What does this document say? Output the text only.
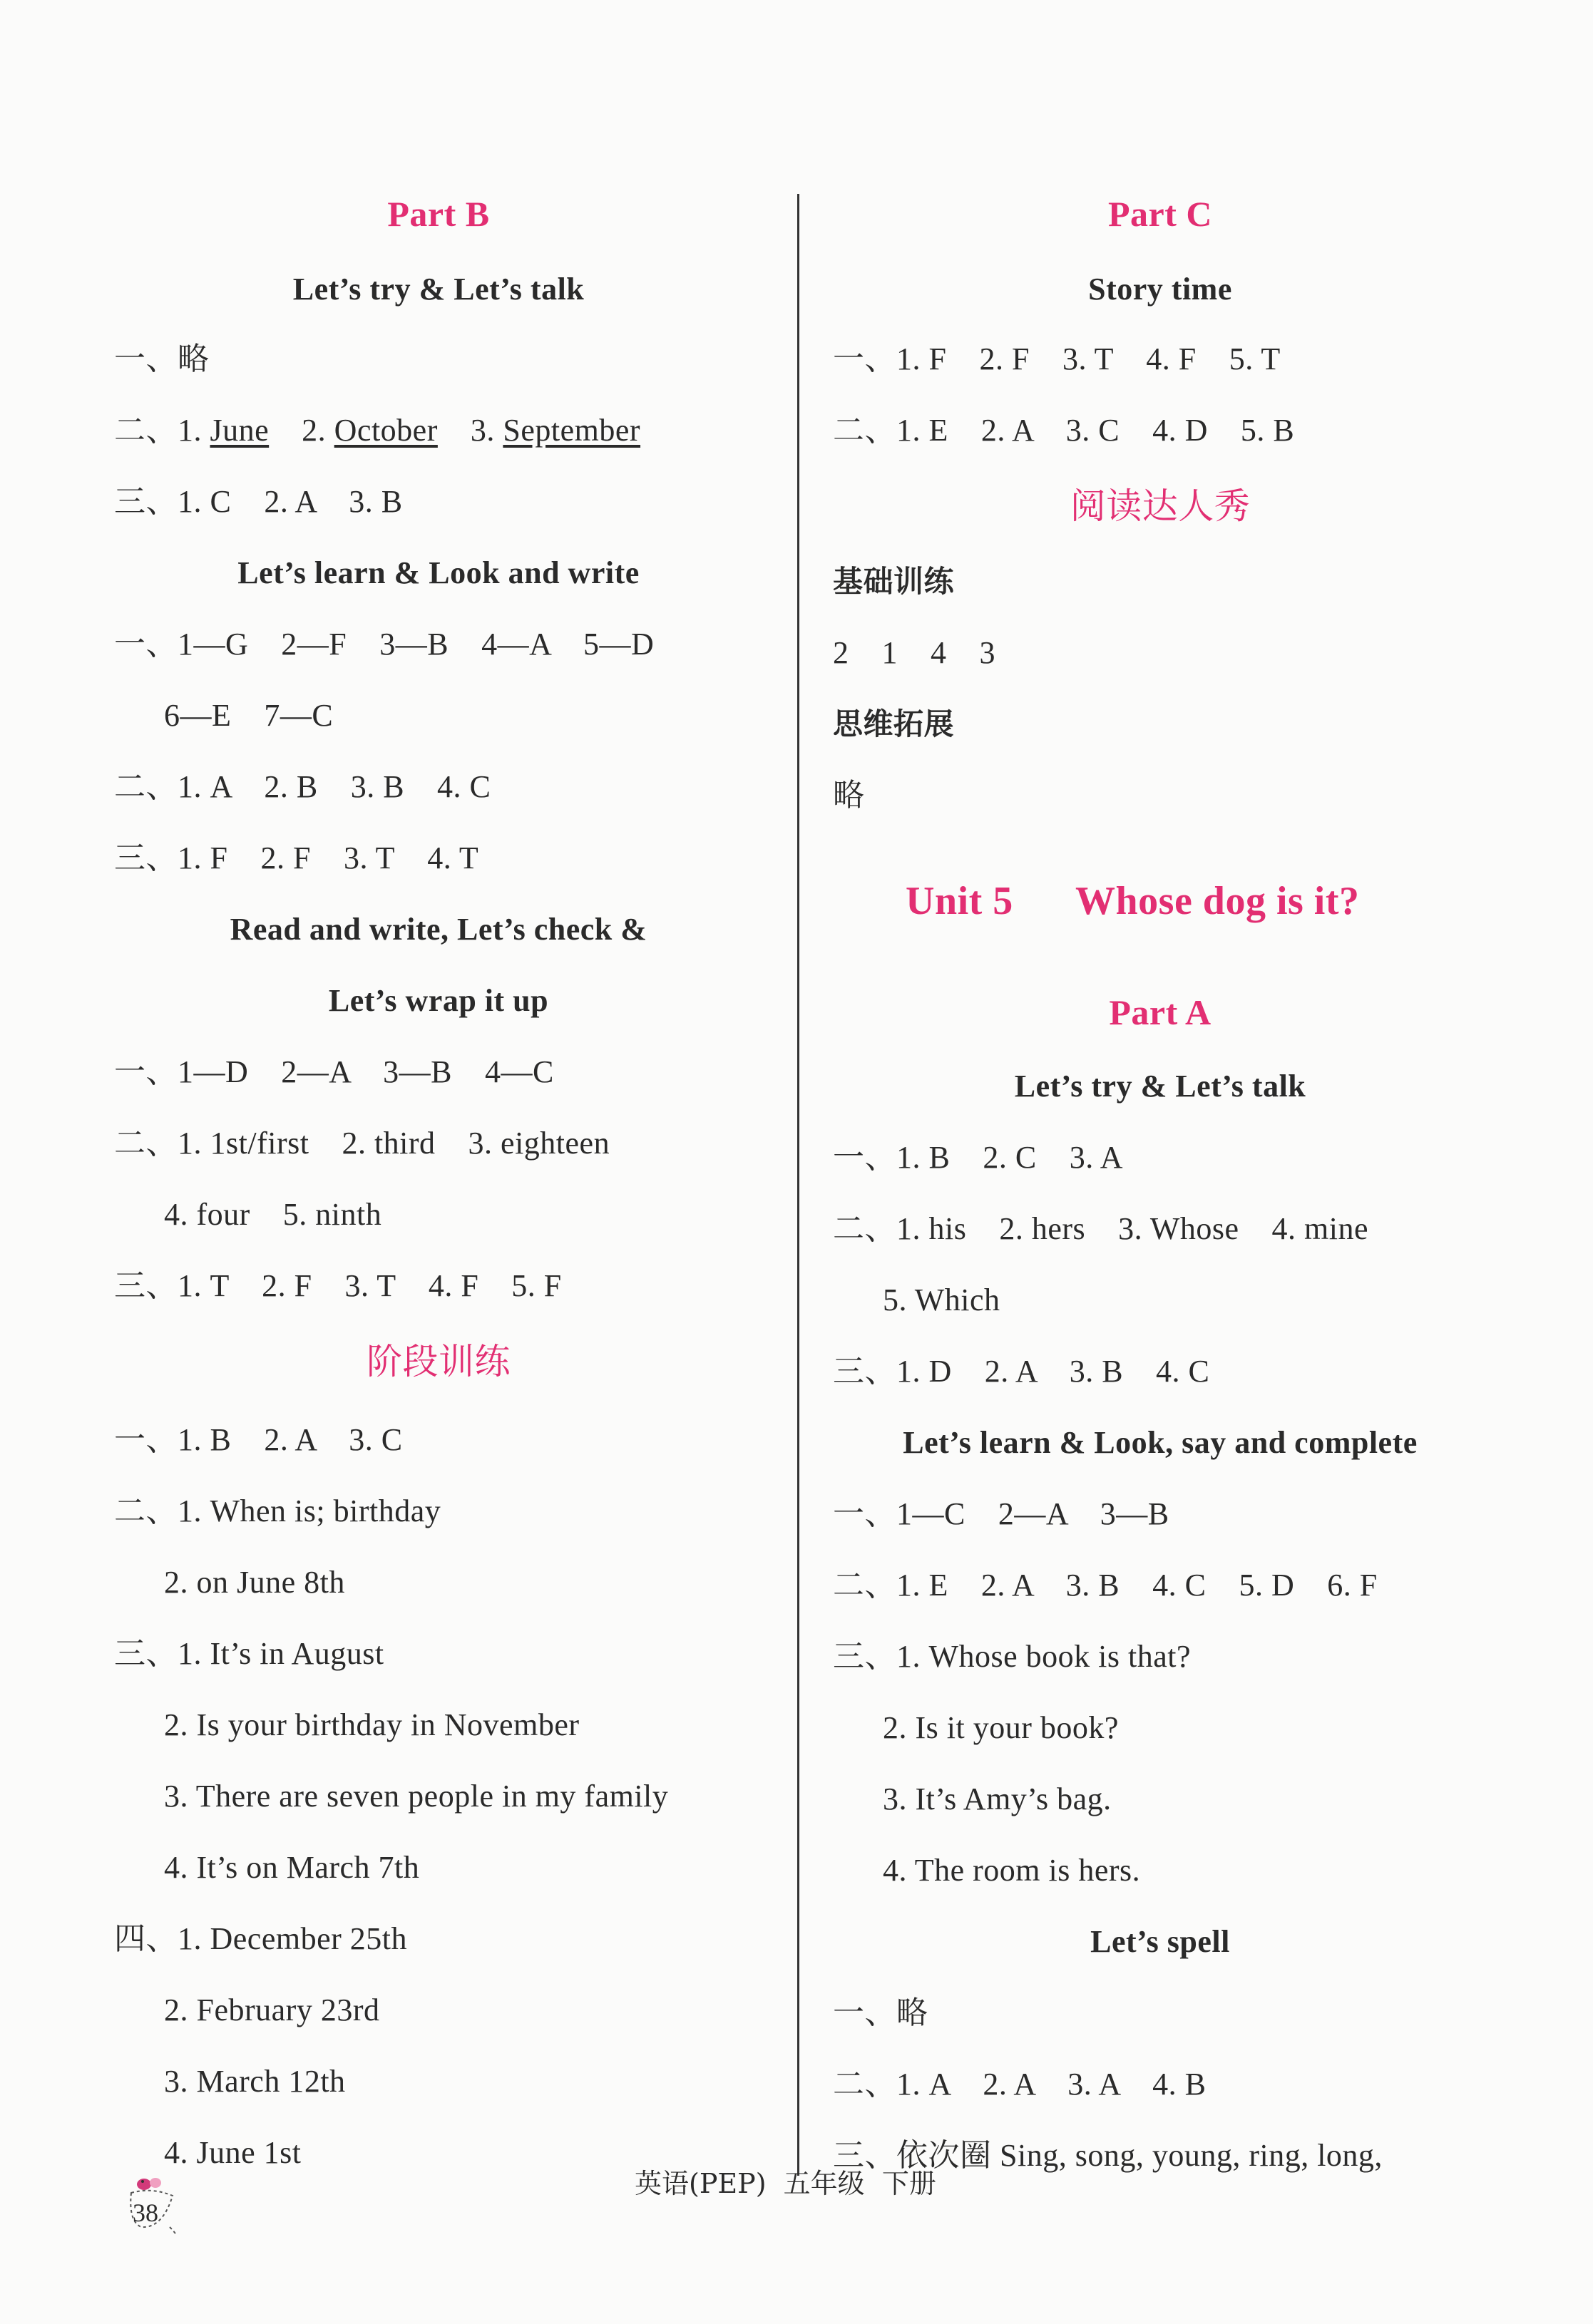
Part B
Let’s try & Let’s talk
一、略
二、1. June 2. October 3. September
三、1. C    2. A    3. B
Let’s learn & Look and write
一、1—G    2—F    3—B    4—A    5—D
6—E    7—C
二、1. A    2. B    3. B    4. C
三、1. F    2. F    3. T    4. T
Read and write, Let’s check &
Let’s wrap it up
一、1—D    2—A    3—B    4—C
二、1. 1st/first    2. third    3. eighteen
4. four    5. ninth
三、1. T    2. F    3. T    4. F    5. F
阶段训练
一、1. B    2. A    3. C
二、1. When is; birthday
2. on June 8th
三、1. It’s in August
2. Is your birthday in November
3. There are seven people in my family
4. It’s on March 7th
四、1. December 25th
2. February 23rd
3. March 12th
4. June 1st
Part C
Story time
一、1. F    2. F    3. T    4. F    5. T
二、1. E    2. A    3. C    4. D    5. B
阅读达人秀
基础训练
2    1    4    3
思维拓展
略
Unit 5 Whose dog is it?
Part A
Let’s try & Let’s talk
一、1. B    2. C    3. A
二、1. his    2. hers    3. Whose    4. mine
5. Which
三、1. D    2. A    3. B    4. C
Let’s learn & Look, say and complete
一、1—C    2—A    3—B
二、1. E    2. A    3. B    4. C    5. D    6. F
三、1. Whose book is that?
2. Is it your book?
3. It’s Amy’s bag.
4. The room is hers.
Let’s spell
一、略
二、1. A    2. A    3. A    4. B
三、依次圈 Sing, song, young, ring, long,
38
英语(PEP)  五年级  下册
